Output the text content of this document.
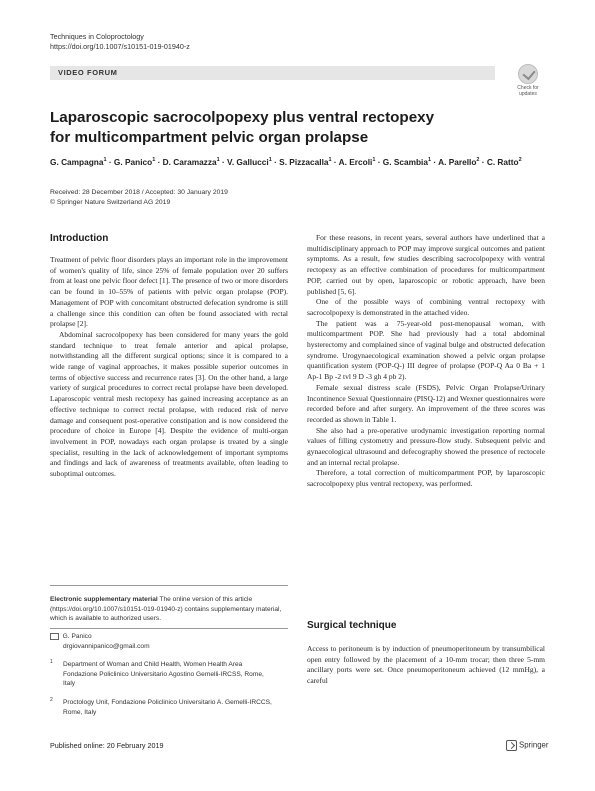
Techniques in Coloproctology
https://doi.org/10.1007/s10151-019-01940-z
VIDEO FORUM
Check for
updates
Laparoscopic sacrocolpopexy plus ventral rectopexy
for multicompartment pelvic organ prolapse
G. Campagna$^1$ · G. Panico$^1$ · D. Caramazza$^1$ · V. Gallucci$^1$ · S. Pizzacalla$^1$ · A. Ercoli$^1$ · G. Scambia$^1$ · A. Parello$^2$ · C. Ratto$^2$
Received: 28 December 2018 / Accepted: 30 January 2019
© Springer Nature Switzerland AG 2019
Introduction

Treatment of pelvic floor disorders plays an important role in the improvement of women's quality of life, since 25% of female population over 20 suffers from at least one pelvic floor defect [1]. The presence of two or more disorders can be found in 10–55% of patients with pelvic organ prolapse (POP). Management of POP with concomitant obstructed defecation syndrome is still a challenge since this condition can often be found associated with rectal prolapse [2].

Abdominal sacrocolpopexy has been considered for many years the gold standard technique to treat female anterior and apical prolapse, notwithstanding all the different surgical options; since it is compared to a wide range of vaginal approaches, it makes possible superior outcomes in terms of objective success and recurrence rates [3]. On the other hand, a large variety of surgical procedures to correct rectal prolapse have been developed. Laparoscopic ventral mesh rectopexy has gained increasing acceptance as an effective technique to correct rectal prolapse, with reduced risk of nerve damage and consequent post-operative constipation and is now considered the procedure of choice in Europe [4]. Despite the evidence of multi-organ involvement in POP, nowadays each organ prolapse is treated by a single specialist, resulting in the lack of acknowledgement of important symptoms and findings and lack of awareness of treatments available, often leading to suboptimal outcomes.

Electronic supplementary material The online version of this article (https://doi.org/10.1007/s10151-019-01940-z) contains supplementary material, which is available to authorized users.
G. Panico
drgiovannipanico@gmail.com
1	Department of Woman and Child Health, Women Health Area Fondazione Policlinico Universitario Agostino Gemelli-IRCSS, Rome, Italy
2	Proctology Unit, Fondazione Policlinico Universitario A. Gemelli-IRCCS, Rome, Italy
Published online: 20 February 2019	Springer

For these reasons, in recent years, several authors have underlined that a multidisciplinary approach to POP may improve surgical outcomes and patient symptoms. As a result, few studies describing sacrocolpopexy with ventral rectopexy as an effective combination of procedures for multicompartment POP, carried out by open, laparoscopic or robotic approach, have been published [5, 6].

One of the possible ways of combining ventral rectopexy with sacrocolpopexy is demonstrated in the attached video.

The patient was a 75-year-old post-menopausal woman, with multicompartment POP. She had previously had a total abdominal hysterectomy and complained since of vaginal bulge and obstructed defecation syndrome. Urogynaecological examination showed a pelvic organ prolapse quantification system (POP-Q-) III degree of prolapse (POP-Q Aa 0 Ba + 1 Ap-1 Bp -2 tvl 9 D -3 gh 4 pb 2).

Female sexual distress scale (FSDS), Pelvic Organ Prolapse/Urinary Incontinence Sexual Questionnaire (PISQ-12) and Wexner questionnaires were recorded before and after surgery. An improvement of the three scores was recorded as shown in Table 1.

She also had a pre-operative urodynamic investigation reporting normal values of filling cystometry and pressure-flow study. Subsequent pelvic and gynaecological ultrasound and defecography showed the presence of rectocele and an internal rectal prolapse.

Therefore, a total correction of multicompartment POP, by laparoscopic sacrocolpopexy plus ventral rectopexy, was performed.

Surgical technique

Access to peritoneum is by induction of pneumoperitoneum by transumbilical open entry followed by the placement of a 10-mm trocar; then three 5-mm ancillary ports were set. Once pneumoperitoneum achieved (12 mmHg), a careful
